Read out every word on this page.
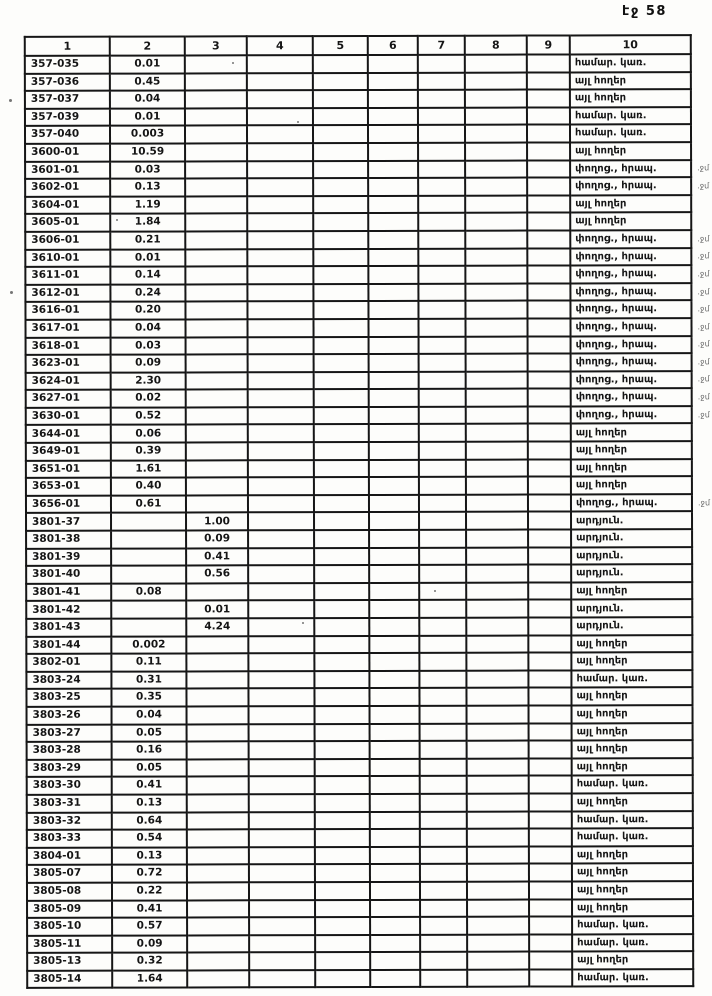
էջ 58
1	2	3	4	5	6	7	8	9	10
357-035	0.01								համար. կառ.
357-036	0.45								այլ հողեր
357-037	0.04								այլ հողեր
357-039	0.01								համար. կառ.
357-040	0.003								համար. կառ.
3600-01	10.59								այլ հողեր
3601-01	0.03								փողոց., հրապ. .ջմ

3602-01	0.13								փողոց., հրապ. .ջմ

3604-01	1.19								այլ հողեր
3605-01	1.84								այլ հողեր
3606-01	0.21								փողոց., հրապ. .ջմ

3610-01	0.01								փողոց., հրապ. .ջմ

3611-01	0.14								փողոց., հրապ. .ջմ

3612-01	0.24								փողոց., հրապ. .ջմ

3616-01	0.20								փողոց., հրապ. .ջմ

3617-01	0.04								փողոց., հրապ. .ջմ

3618-01	0.03								փողոց., հրապ. .ջմ

3623-01	0.09								փողոց., հրապ. .ջմ

3624-01	2.30								փողոց., հրապ. .ջմ

3627-01	0.02								փողոց., հրապ. .ջմ

3630-01	0.52								փողոց., հրապ. .ջմ

3644-01	0.06								այլ հողեր
3649-01	0.39								այլ հողեր
3651-01	1.61								այլ հողեր
3653-01	0.40								այլ հողեր
3656-01	0.61								փողոց., հրապ. .ջմ

3801-37		1.00							արդյուն.
3801-38		0.09							արդյուն.
3801-39		0.41							արդյուն.
3801-40		0.56							արդյուն.
3801-41	0.08								այլ հողեր
3801-42		0.01							արդյուն.
3801-43		4.24							արդյուն.
3801-44	0.002								այլ հողեր
3802-01	0.11								այլ հողեր
3803-24	0.31								համար. կառ.
3803-25	0.35								այլ հողեր
3803-26	0.04								այլ հողեր
3803-27	0.05								այլ հողեր
3803-28	0.16								այլ հողեր
3803-29	0.05								այլ հողեր
3803-30	0.41								համար. կառ.
3803-31	0.13								այլ հողեր
3803-32	0.64								համար. կառ.
3803-33	0.54								համար. կառ.
3804-01	0.13								այլ հողեր
3805-07	0.72								այլ հողեր
3805-08	0.22								այլ հողեր
3805-09	0.41								այլ հողեր
3805-10	0.57								համար. կառ.
3805-11	0.09								համար. կառ.
3805-13	0.32								այլ հողեր
3805-14	1.64								համար. կառ.
